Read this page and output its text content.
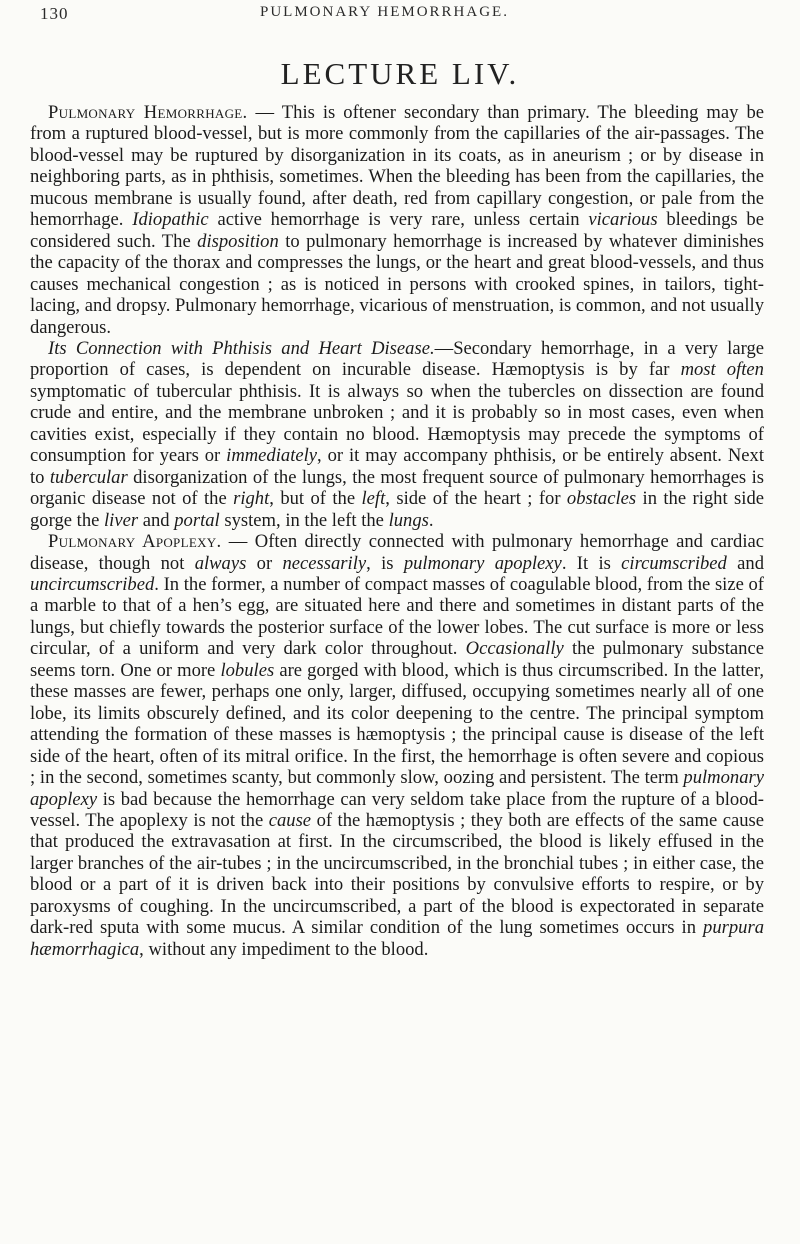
130	PULMONARY HEMORRHAGE.
LECTURE LIV.

Pulmonary Hemorrhage. — This is oftener secondary than primary. The bleeding may be from a ruptured blood-vessel, but is more commonly from the capillaries of the air-passages. The blood-vessel may be ruptured by disorganization in its coats, as in aneurism ; or by disease in neighboring parts, as in phthisis, sometimes. When the bleeding has been from the capillaries, the mucous membrane is usually found, after death, red from capillary congestion, or pale from the hemorrhage. Idiopathic active hemorrhage is very rare, unless certain vicarious bleedings be considered such. The disposition to pulmonary hemorrhage is increased by whatever diminishes the capacity of the thorax and compresses the lungs, or the heart and great blood-vessels, and thus causes mechanical congestion ; as is noticed in persons with crooked spines, in tailors, tight-lacing, and dropsy. Pulmonary hemorrhage, vicarious of menstruation, is common, and not usually dangerous.

Its Connection with Phthisis and Heart Disease.—Secondary hemorrhage, in a very large proportion of cases, is dependent on incurable disease. Hæmoptysis is by far most often symptomatic of tubercular phthisis. It is always so when the tubercles on dissection are found crude and entire, and the membrane unbroken ; and it is probably so in most cases, even when cavities exist, especially if they contain no blood. Hæmoptysis may precede the symptoms of consumption for years or immediately, or it may accompany phthisis, or be entirely absent. Next to tubercular disorganization of the lungs, the most frequent source of pulmonary hemorrhages is organic disease not of the right, but of the left, side of the heart ; for obstacles in the right side gorge the liver and portal system, in the left the lungs.

Pulmonary Apoplexy. — Often directly connected with pulmonary hemorrhage and cardiac disease, though not always or necessarily, is pulmonary apoplexy. It is circumscribed and uncircumscribed. In the former, a number of compact masses of coagulable blood, from the size of a marble to that of a hen’s egg, are situated here and there and sometimes in distant parts of the lungs, but chiefly towards the posterior surface of the lower lobes. The cut surface is more or less circular, of a uniform and very dark color throughout. Occasionally the pulmonary substance seems torn. One or more lobules are gorged with blood, which is thus circumscribed. In the latter, these masses are fewer, perhaps one only, larger, diffused, occupying sometimes nearly all of one lobe, its limits obscurely defined, and its color deepening to the centre. The principal symptom attending the formation of these masses is hæmoptysis ; the principal cause is disease of the left side of the heart, often of its mitral orifice. In the first, the hemorrhage is often severe and copious ; in the second, sometimes scanty, but commonly slow, oozing and persistent. The term pulmonary apoplexy is bad because the hemorrhage can very seldom take place from the rupture of a blood-vessel. The apoplexy is not the cause of the hæmoptysis ; they both are effects of the same cause that produced the extravasation at first. In the circumscribed, the blood is likely effused in the larger branches of the air-tubes ; in the uncircumscribed, in the bronchial tubes ; in either case, the blood or a part of it is driven back into their positions by convulsive efforts to respire, or by paroxysms of coughing. In the uncircumscribed, a part of the blood is expectorated in separate dark-red sputa with some mucus. A similar condition of the lung sometimes occurs in purpura hæmorrhagica, without any impediment to the blood.
